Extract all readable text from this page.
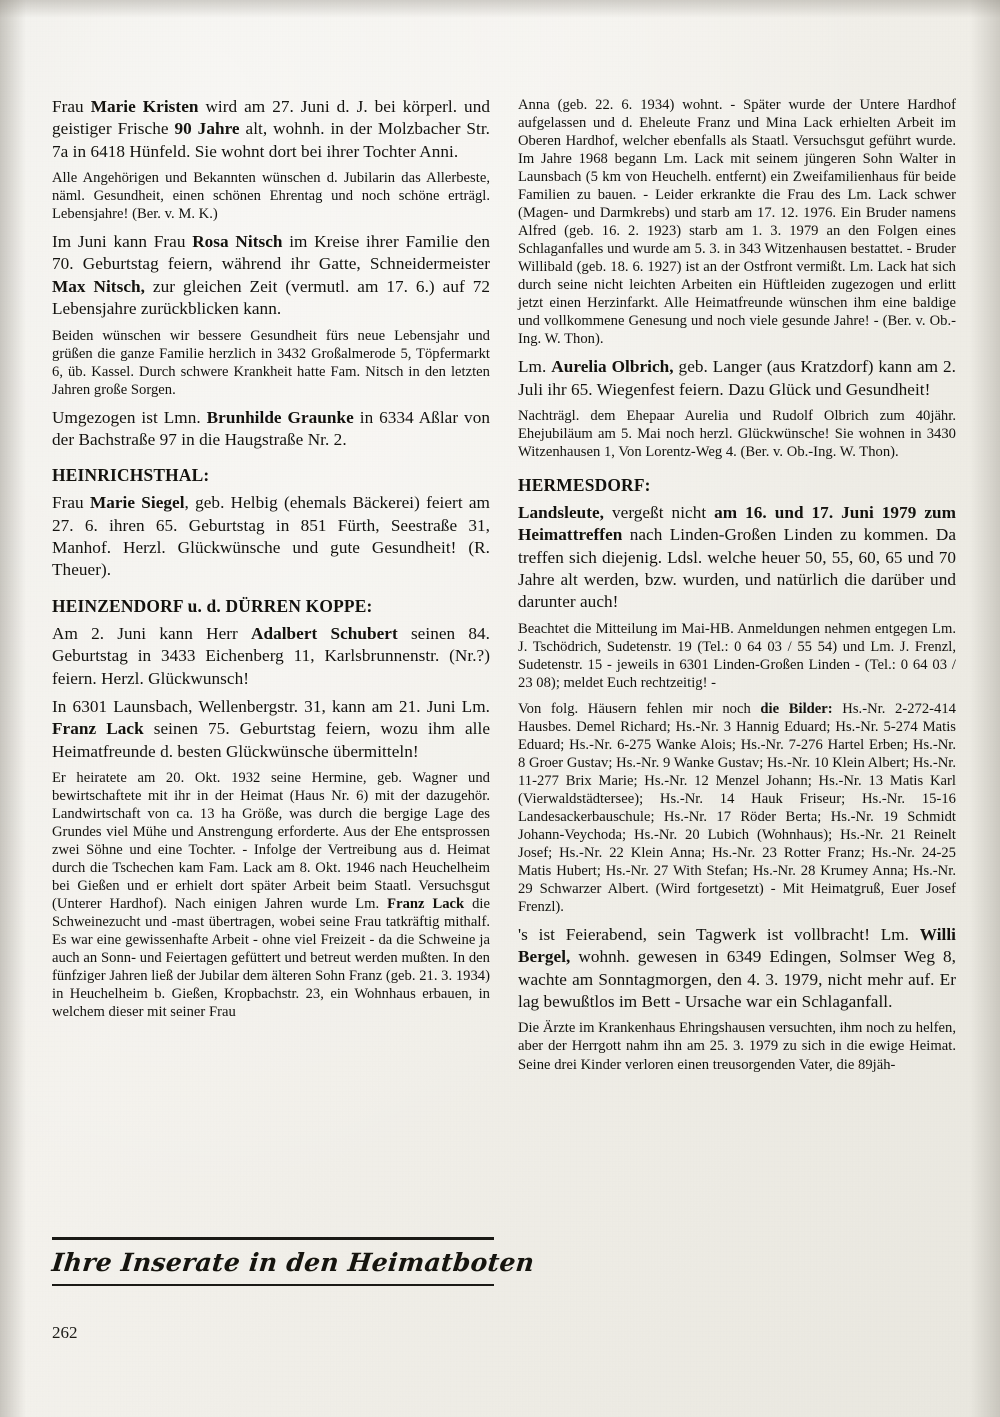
Frau Marie Kristen wird am 27. Juni d. J. bei körperl. und geistiger Frische 90 Jahre alt, wohnh. in der Molzbacher Str. 7a in 6418 Hünfeld. Sie wohnt dort bei ihrer Tochter Anni.

Alle Angehörigen und Bekannten wünschen d. Jubilarin das Allerbeste, näml. Gesundheit, einen schönen Ehrentag und noch schöne erträgl. Lebensjahre! (Ber. v. M. K.)

Im Juni kann Frau Rosa Nitsch im Kreise ihrer Familie den 70. Geburtstag feiern, während ihr Gatte, Schneidermeister Max Nitsch, zur gleichen Zeit (vermutl. am 17. 6.) auf 72 Lebensjahre zurückblicken kann.

Beiden wünschen wir bessere Gesundheit fürs neue Lebensjahr und grüßen die ganze Familie herzlich in 3432 Großalmerode 5, Töpfermarkt 6, üb. Kassel. Durch schwere Krankheit hatte Fam. Nitsch in den letzten Jahren große Sorgen.

Umgezogen ist Lmn. Brunhilde Graunke in 6334 Aßlar von der Bachstraße 97 in die Haugstraße Nr. 2.

HEINRICHSTHAL:

Frau Marie Siegel, geb. Helbig (ehemals Bäckerei) feiert am 27. 6. ihren 65. Geburtstag in 851 Fürth, Seestraße 31, Manhof. Herzl. Glückwünsche und gute Gesundheit! (R. Theuer).

HEINZENDORF u. d. DÜRREN KOPPE:

Am 2. Juni kann Herr Adalbert Schubert seinen 84. Geburtstag in 3433 Eichenberg 11, Karlsbrunnenstr. (Nr.?) feiern. Herzl. Glückwunsch!

In 6301 Launsbach, Wellenbergstr. 31, kann am 21. Juni Lm. Franz Lack seinen 75. Geburtstag feiern, wozu ihm alle Heimatfreunde d. besten Glückwünsche übermitteln!

Er heiratete am 20. Okt. 1932 seine Hermine, geb. Wagner und bewirtschaftete mit ihr in der Heimat (Haus Nr. 6) mit der dazugehör. Landwirtschaft von ca. 13 ha Größe, was durch die bergige Lage des Grundes viel Mühe und Anstrengung erforderte. Aus der Ehe entsprossen zwei Söhne und eine Tochter. - Infolge der Vertreibung aus d. Heimat durch die Tschechen kam Fam. Lack am 8. Okt. 1946 nach Heuchelheim bei Gießen und er erhielt dort später Arbeit beim Staatl. Versuchsgut (Unterer Hardhof). Nach einigen Jahren wurde Lm. Franz Lack die Schweinezucht und -mast übertragen, wobei seine Frau tatkräftig mithalf. Es war eine gewissenhafte Arbeit - ohne viel Freizeit - da die Schweine ja auch an Sonn- und Feiertagen gefüttert und betreut werden mußten. In den fünfziger Jahren ließ der Jubilar dem älteren Sohn Franz (geb. 21. 3. 1934) in Heuchelheim b. Gießen, Kropbachstr. 23, ein Wohnhaus erbauen, in welchem dieser mit seiner Frau

Anna (geb. 22. 6. 1934) wohnt. - Später wurde der Untere Hardhof aufgelassen und d. Eheleute Franz und Mina Lack erhielten Arbeit im Oberen Hardhof, welcher ebenfalls als Staatl. Versuchsgut geführt wurde. Im Jahre 1968 begann Lm. Lack mit seinem jüngeren Sohn Walter in Launsbach (5 km von Heuchelh. entfernt) ein Zweifamilienhaus für beide Familien zu bauen. - Leider erkrankte die Frau des Lm. Lack schwer (Magen- und Darmkrebs) und starb am 17. 12. 1976. Ein Bruder namens Alfred (geb. 16. 2. 1923) starb am 1. 3. 1979 an den Folgen eines Schlaganfalles und wurde am 5. 3. in 343 Witzenhausen bestattet. - Bruder Willibald (geb. 18. 6. 1927) ist an der Ostfront vermißt. Lm. Lack hat sich durch seine nicht leichten Arbeiten ein Hüftleiden zugezogen und erlitt jetzt einen Herzinfarkt. Alle Heimatfreunde wünschen ihm eine baldige und vollkommene Genesung und noch viele gesunde Jahre! - (Ber. v. Ob.-Ing. W. Thon).

Lm. Aurelia Olbrich, geb. Langer (aus Kratzdorf) kann am 2. Juli ihr 65. Wiegenfest feiern. Dazu Glück und Gesundheit!

Nachträgl. dem Ehepaar Aurelia und Rudolf Olbrich zum 40jähr. Ehejubiläum am 5. Mai noch herzl. Glückwünsche! Sie wohnen in 3430 Witzenhausen 1, Von Lorentz-Weg 4. (Ber. v. Ob.-Ing. W. Thon).

HERMESDORF:

Landsleute, vergeßt nicht am 16. und 17. Juni 1979 zum Heimattreffen nach Linden-Großen Linden zu kommen. Da treffen sich diejenig. Ldsl. welche heuer 50, 55, 60, 65 und 70 Jahre alt werden, bzw. wurden, und natürlich die darüber und darunter auch!

Beachtet die Mitteilung im Mai-HB. Anmeldungen nehmen entgegen Lm. J. Tschödrich, Sudetenstr. 19 (Tel.: 0 64 03 / 55 54) und Lm. J. Frenzl, Sudetenstr. 15 - jeweils in 6301 Linden-Großen Linden - (Tel.: 0 64 03 / 23 08); meldet Euch rechtzeitig! -

Von folg. Häusern fehlen mir noch die Bilder: Hs.-Nr. 2-272-414 Hausbes. Demel Richard; Hs.-Nr. 3 Hannig Eduard; Hs.-Nr. 5-274 Matis Eduard; Hs.-Nr. 6-275 Wanke Alois; Hs.-Nr. 7-276 Hartel Erben; Hs.-Nr. 8 Groer Gustav; Hs.-Nr. 9 Wanke Gustav; Hs.-Nr. 10 Klein Albert; Hs.-Nr. 11-277 Brix Marie; Hs.-Nr. 12 Menzel Johann; Hs.-Nr. 13 Matis Karl (Vierwaldstädtersee); Hs.-Nr. 14 Hauk Friseur; Hs.-Nr. 15-16 Landesackerbauschule; Hs.-Nr. 17 Röder Berta; Hs.-Nr. 19 Schmidt Johann-Veychoda; Hs.-Nr. 20 Lubich (Wohnhaus); Hs.-Nr. 21 Reinelt Josef; Hs.-Nr. 22 Klein Anna; Hs.-Nr. 23 Rotter Franz; Hs.-Nr. 24-25 Matis Hubert; Hs.-Nr. 27 With Stefan; Hs.-Nr. 28 Krumey Anna; Hs.-Nr. 29 Schwarzer Albert. (Wird fortgesetzt) - Mit Heimatgruß, Euer Josef Frenzl).

's ist Feierabend, sein Tagwerk ist vollbracht! Lm. Willi Bergel, wohnh. gewesen in 6349 Edingen, Solmser Weg 8, wachte am Sonntagmorgen, den 4. 3. 1979, nicht mehr auf. Er lag bewußtlos im Bett - Ursache war ein Schlaganfall.

Die Ärzte im Krankenhaus Ehringshausen versuchten, ihm noch zu helfen, aber der Herrgott nahm ihn am 25. 3. 1979 zu sich in die ewige Heimat. Seine drei Kinder verloren einen treusorgenden Vater, die 89jäh-

Ihre Inserate in den Heimatboten
262
